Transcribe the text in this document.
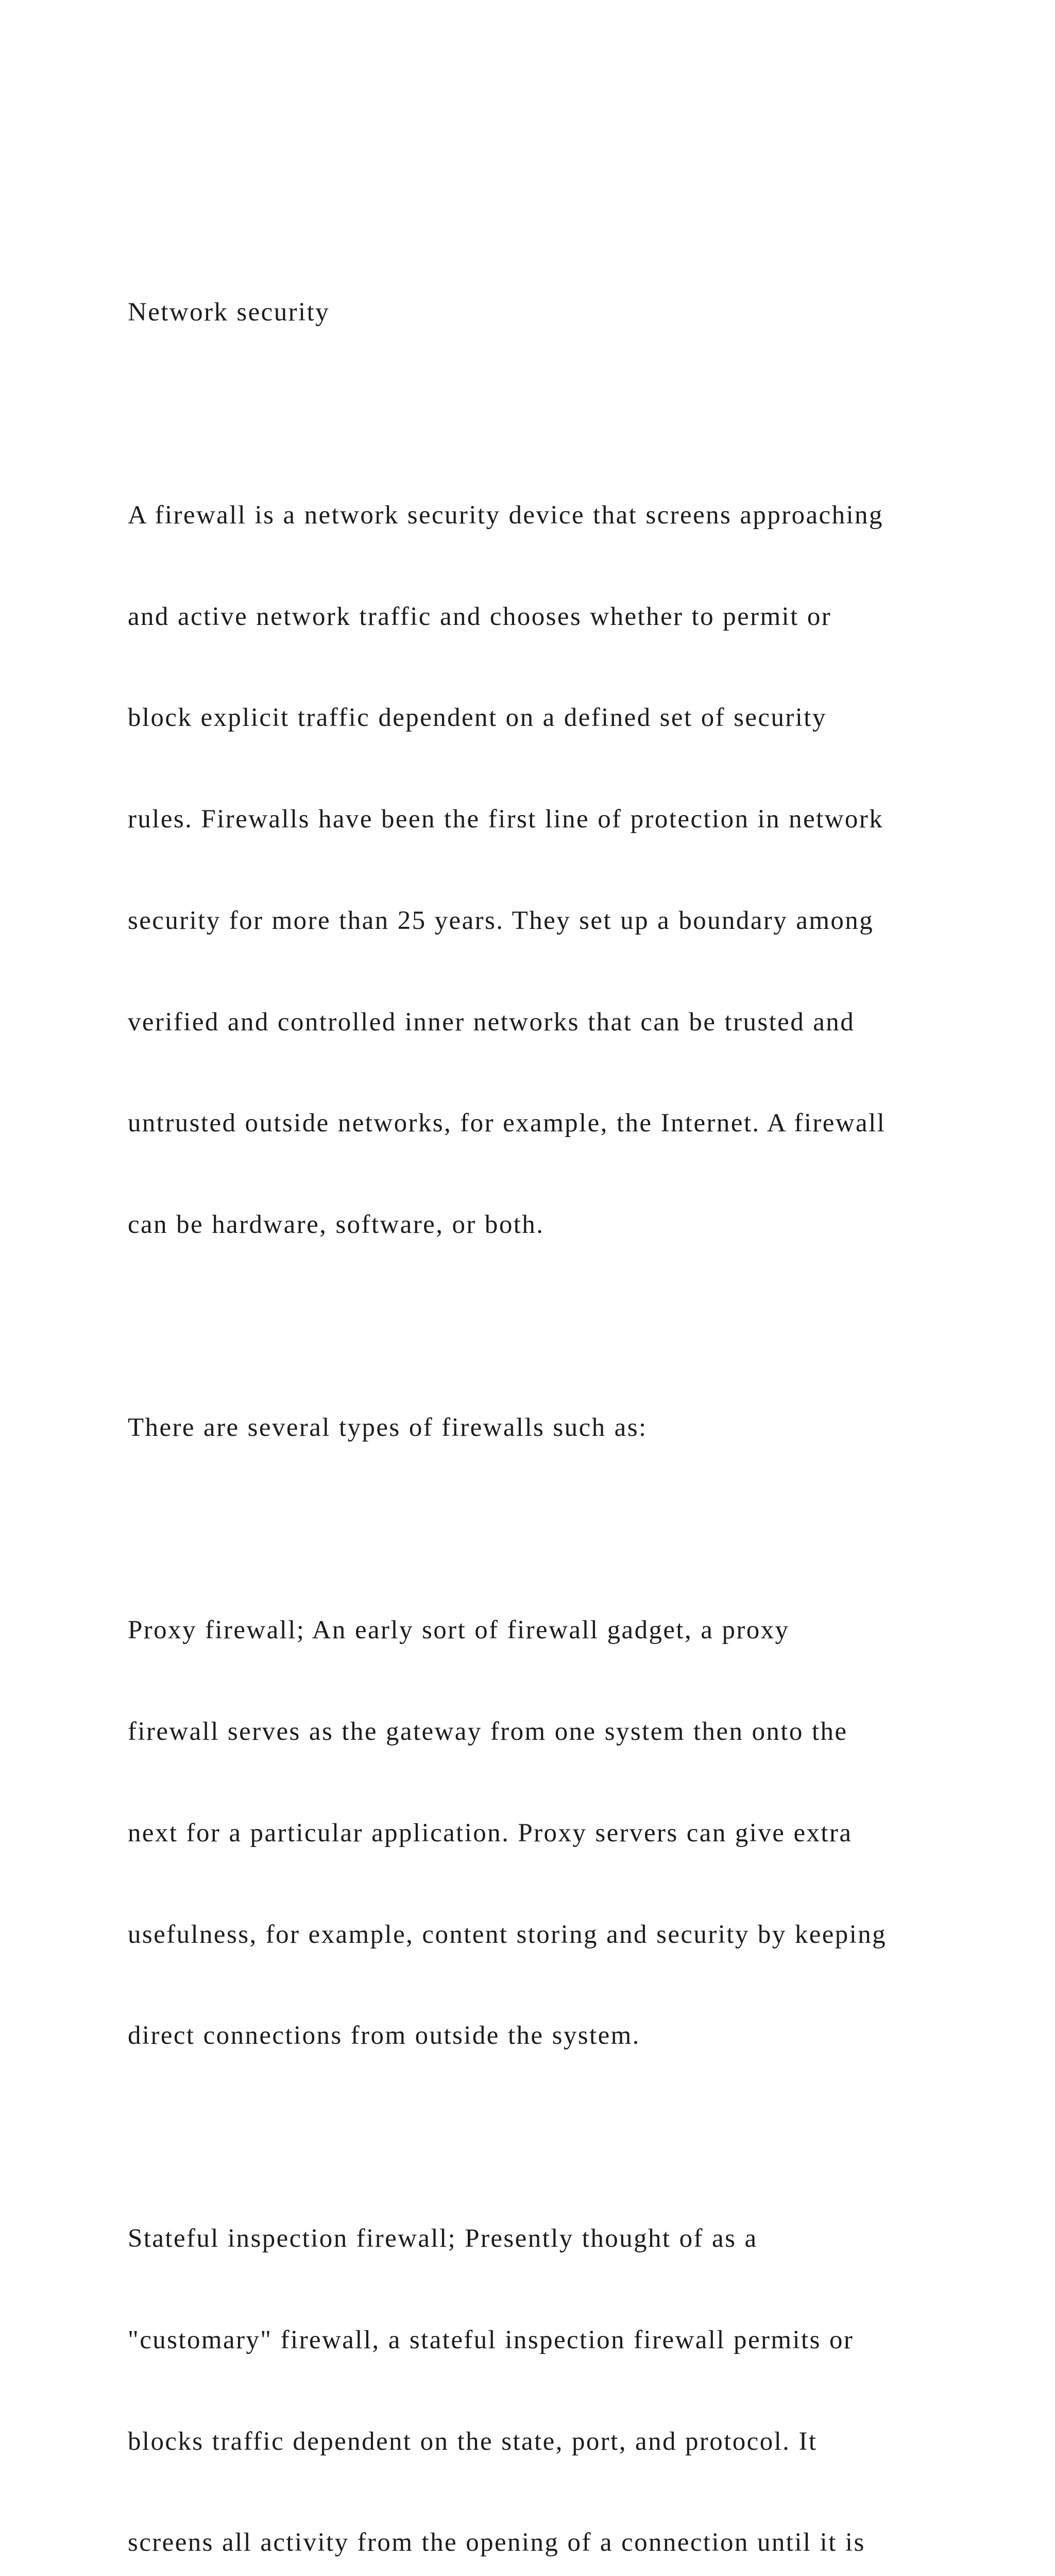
Network security

A firewall is a network security device that screens approaching

and active network traffic and chooses whether to permit or

block explicit traffic dependent on a defined set of security

rules. Firewalls have been the first line of protection in network

security for more than 25 years. They set up a boundary among

verified and controlled inner networks that can be trusted and

untrusted outside networks, for example, the Internet. A firewall

can be hardware, software, or both.

There are several types of firewalls such as:

Proxy firewall; An early sort of firewall gadget, a proxy

firewall serves as the gateway from one system then onto the

next for a particular application. Proxy servers can give extra

usefulness, for example, content storing and security by keeping

direct connections from outside the system.

Stateful inspection firewall; Presently thought of as a

"customary" firewall, a stateful inspection firewall permits or

blocks traffic dependent on the state, port, and protocol. It

screens all activity from the opening of a connection until it is
